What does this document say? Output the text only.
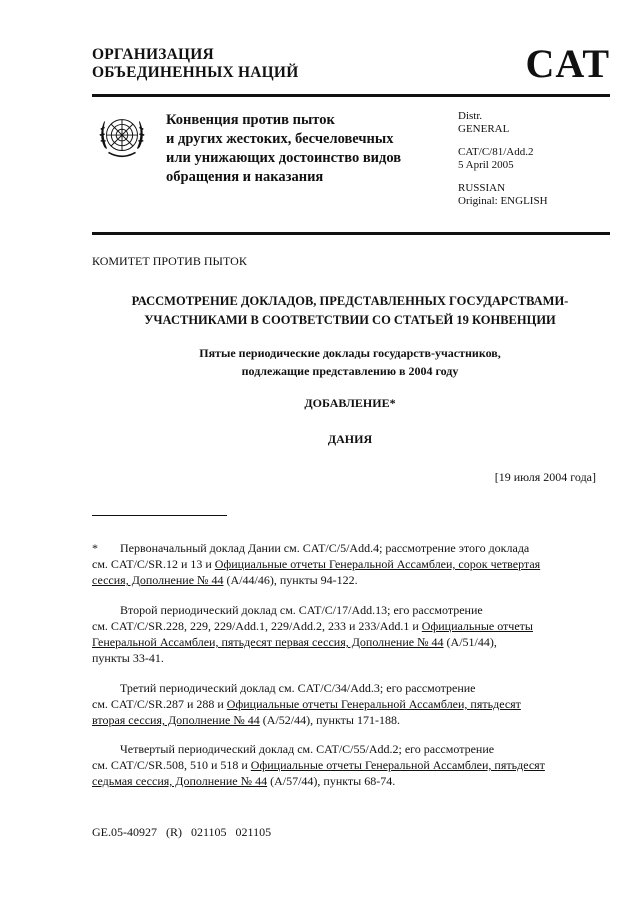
ОРГАНИЗАЦИЯ
ОБЪЕДИНЕННЫХ НАЦИЙ	CAT
Конвенция против пыток
и других жестоких, бесчеловечных
или унижающих достоинство видов
обращения и наказания
Distr.
GENERAL
CAT/C/81/Add.2
5 April 2005
RUSSIAN
Original: ENGLISH
КОМИТЕТ ПРОТИВ ПЫТОК
РАССМОТРЕНИЕ ДОКЛАДОВ, ПРЕДСТАВЛЕННЫХ ГОСУДАРСТВАМИ-
УЧАСТНИКАМИ В СООТВЕТСТВИИ СО СТАТЬЕЙ 19 КОНВЕНЦИИ
Пятые периодические доклады государств-участников,
подлежащие представлению в 2004 году
ДОБАВЛЕНИЕ*
ДАНИЯ
[19 июля 2004 года]
*	Первоначальный доклад Дании см. CAT/C/5/Add.4; рассмотрение этого доклада
см. CAT/C/SR.12 и 13 и Официальные отчеты Генеральной Ассамблеи, сорок четвертая
сессия, Дополнение № 44 (A/44/46), пункты 94-122.
Второй периодический доклад см. CAT/C/17/Add.13; его рассмотрение
см. CAT/C/SR.228, 229, 229/Add.1, 229/Add.2, 233 и 233/Add.1 и Официальные отчеты
Генеральной Ассамблеи, пятьдесят первая сессия, Дополнение № 44 (A/51/44),
пункты 33-41.
Третий периодический доклад см. CAT/C/34/Add.3; его рассмотрение
см. CAT/C/SR.287 и 288 и Официальные отчеты Генеральной Ассамблеи, пятьдесят
вторая сессия, Дополнение № 44 (A/52/44), пункты 171-188.
Четвертый периодический доклад см. CAT/C/55/Add.2; его рассмотрение
см. CAT/C/SR.508, 510 и 518 и Официальные отчеты Генеральной Ассамблеи, пятьдесят
седьмая сессия, Дополнение № 44 (A/57/44), пункты 68-74.
GE.05-40927   (R)   021105   021105
